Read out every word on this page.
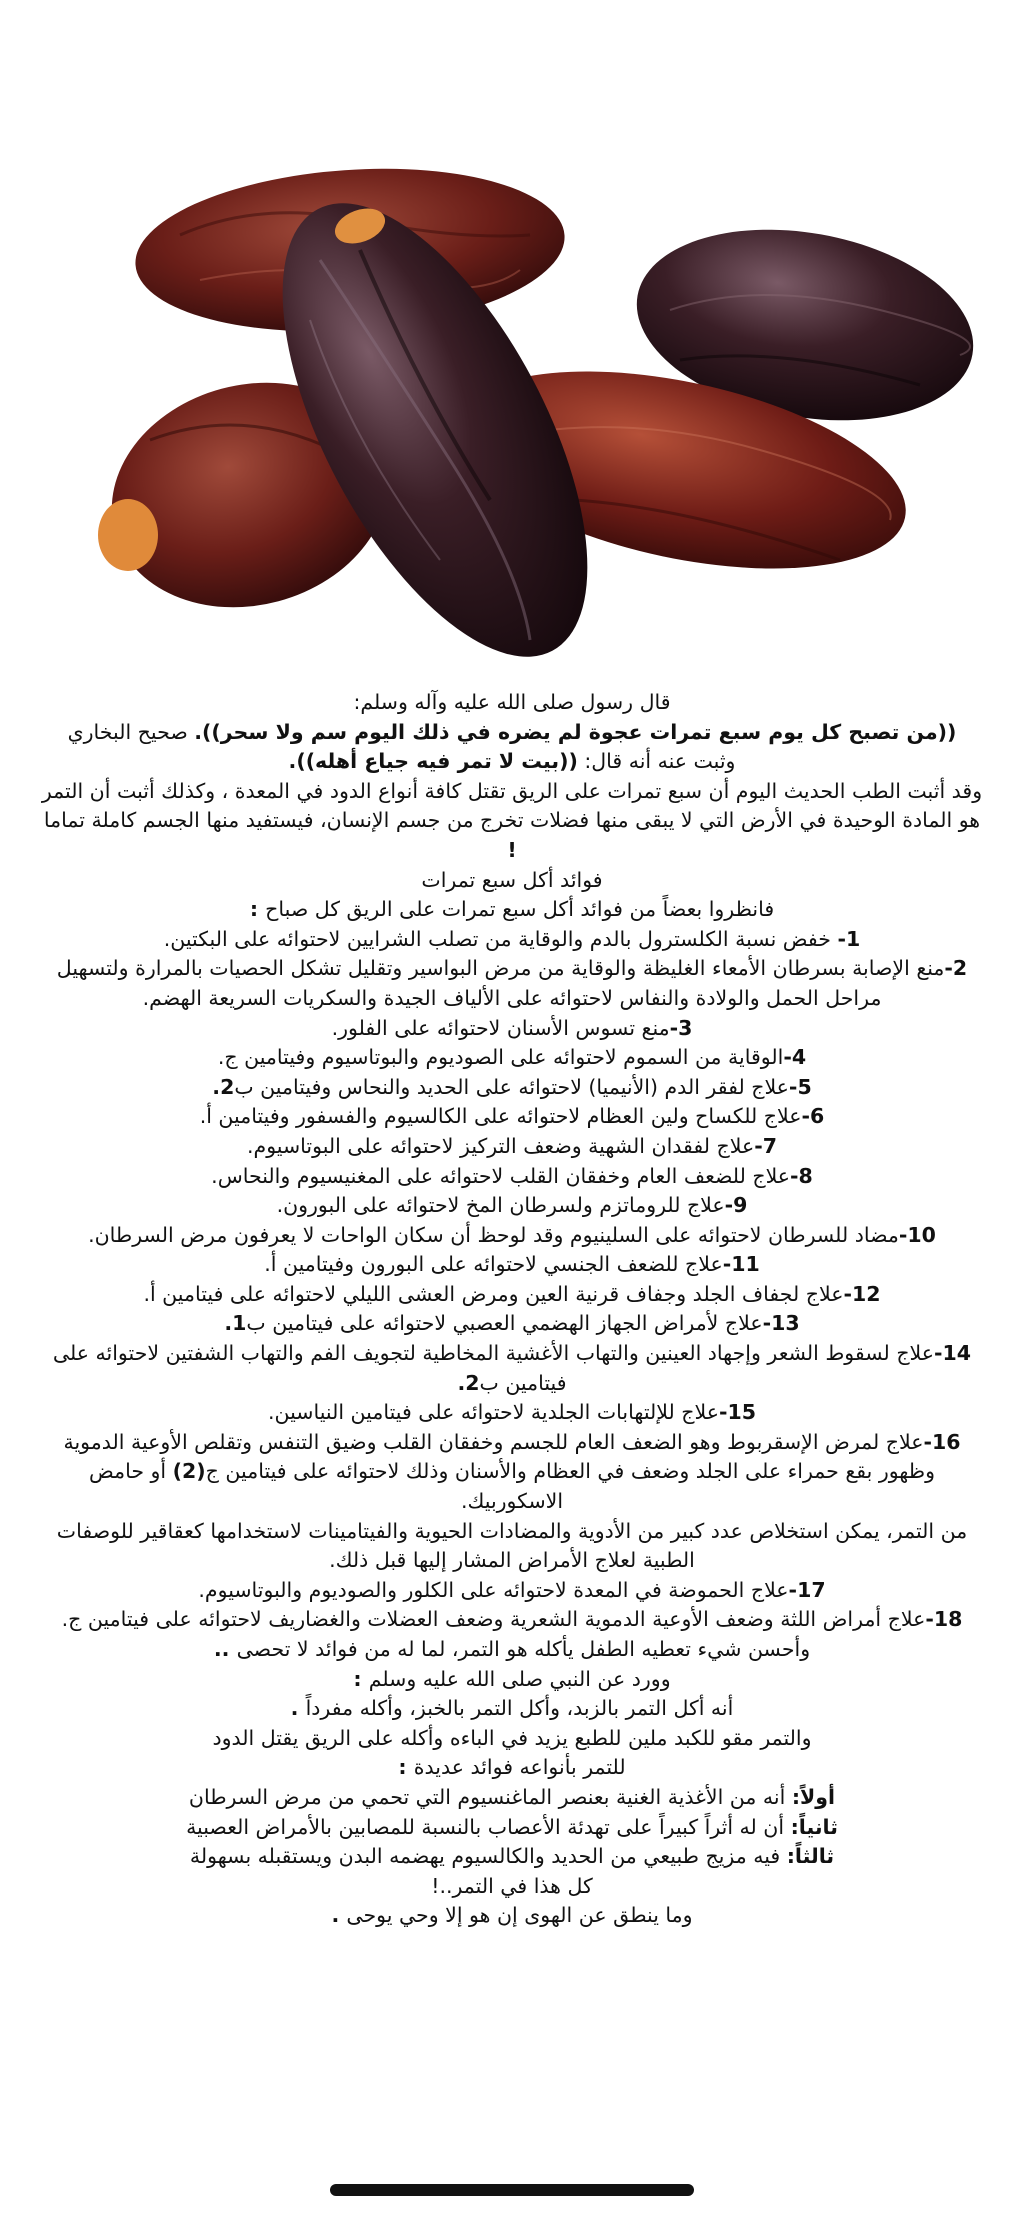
قال رسول صلى الله عليه وآله وسلم:

((من تصبح كل يوم سبع تمرات عجوة لم يضره في ذلك اليوم سم ولا سحر)). صحيح البخاري

وثبت عنه أنه قال: ((بيت لا تمر فيه جياع أهله)).

وقد أثبت الطب الحديث اليوم أن سبع تمرات على الريق تقتل كافة أنواع الدود في المعدة ، وكذلك أثبت أن التمر هو المادة الوحيدة في الأرض التي لا يبقى منها فضلات تخرج من جسم الإنسان، فيستفيد منها الجسم كاملة تماما !

فوائد أكل سبع تمرات

فانظروا بعضاً من فوائد أكل سبع تمرات على الريق كل صباح :

1- خفض نسبة الكلسترول بالدم والوقاية من تصلب الشرايين لاحتوائه على البكتين.

2-منع الإصابة بسرطان الأمعاء الغليظة والوقاية من مرض البواسير وتقليل تشكل الحصيات بالمرارة ولتسهيل مراحل الحمل والولادة والنفاس لاحتوائه على الألياف الجيدة والسكريات السريعة الهضم.

3-منع تسوس الأسنان لاحتوائه على الفلور.

4-الوقاية من السموم لاحتوائه على الصوديوم والبوتاسيوم وفيتامين ج.

5-علاج لفقر الدم (الأنيميا) لاحتوائه على الحديد والنحاس وفيتامين ب2.

6-علاج للكساح ولين العظام لاحتوائه على الكالسيوم والفسفور وفيتامين أ.

7-علاج لفقدان الشهية وضعف التركيز لاحتوائه على البوتاسيوم.

8-علاج للضعف العام وخفقان القلب لاحتوائه على المغنيسيوم والنحاس.

9-علاج للروماتزم ولسرطان المخ لاحتوائه على البورون.

10-مضاد للسرطان لاحتوائه على السلينيوم وقد لوحظ أن سكان الواحات لا يعرفون مرض السرطان.

11-علاج للضعف الجنسي لاحتوائه على البورون وفيتامين أ.

12-علاج لجفاف الجلد وجفاف قرنية العين ومرض العشى الليلي لاحتوائه على فيتامين أ.

13-علاج لأمراض الجهاز الهضمي العصبي لاحتوائه على فيتامين ب1.

14-علاج لسقوط الشعر وإجهاد العينين والتهاب الأغشية المخاطية لتجويف الفم والتهاب الشفتين لاحتوائه على فيتامين ب2.

15-علاج للإلتهابات الجلدية لاحتوائه على فيتامين النياسين.

16-علاج لمرض الإسقربوط وهو الضعف العام للجسم وخفقان القلب وضيق التنفس وتقلص الأوعية الدموية وظهور بقع حمراء على الجلد وضعف في العظام والأسنان وذلك لاحتوائه على فيتامين ج(2) أو حامض الاسكوربيك.

من التمر، يمكن استخلاص عدد كبير من الأدوية والمضادات الحيوية والفيتامينات لاستخدامها كعقاقير للوصفات الطبية لعلاج الأمراض المشار إليها قبل ذلك.

17-علاج الحموضة في المعدة لاحتوائه على الكلور والصوديوم والبوتاسيوم.

18-علاج أمراض اللثة وضعف الأوعية الدموية الشعرية وضعف العضلات والغضاريف لاحتوائه على فيتامين ج.

وأحسن شيء تعطيه الطفل يأكله هو التمر، لما له من فوائد لا تحصى ..

وورد عن النبي صلى الله عليه وسلم :

أنه أكل التمر بالزبد، وأكل التمر بالخبز، وأكله مفرداً .

والتمر مقو للكبد ملين للطبع يزيد في الباءه وأكله على الريق يقتل الدود

للتمر بأنواعه فوائد عديدة :

أولاً: أنه من الأغذية الغنية بعنصر الماغنسيوم التي تحمي من مرض السرطان

ثانياً: أن له أثراً كبيراً على تهدئة الأعصاب بالنسبة للمصابين بالأمراض العصبية

ثالثاً: فيه مزيج طبيعي من الحديد والكالسيوم يهضمه البدن ويستقبله بسهولة

كل هذا في التمر..!

وما ينطق عن الهوى إن هو إلا وحي يوحى .
